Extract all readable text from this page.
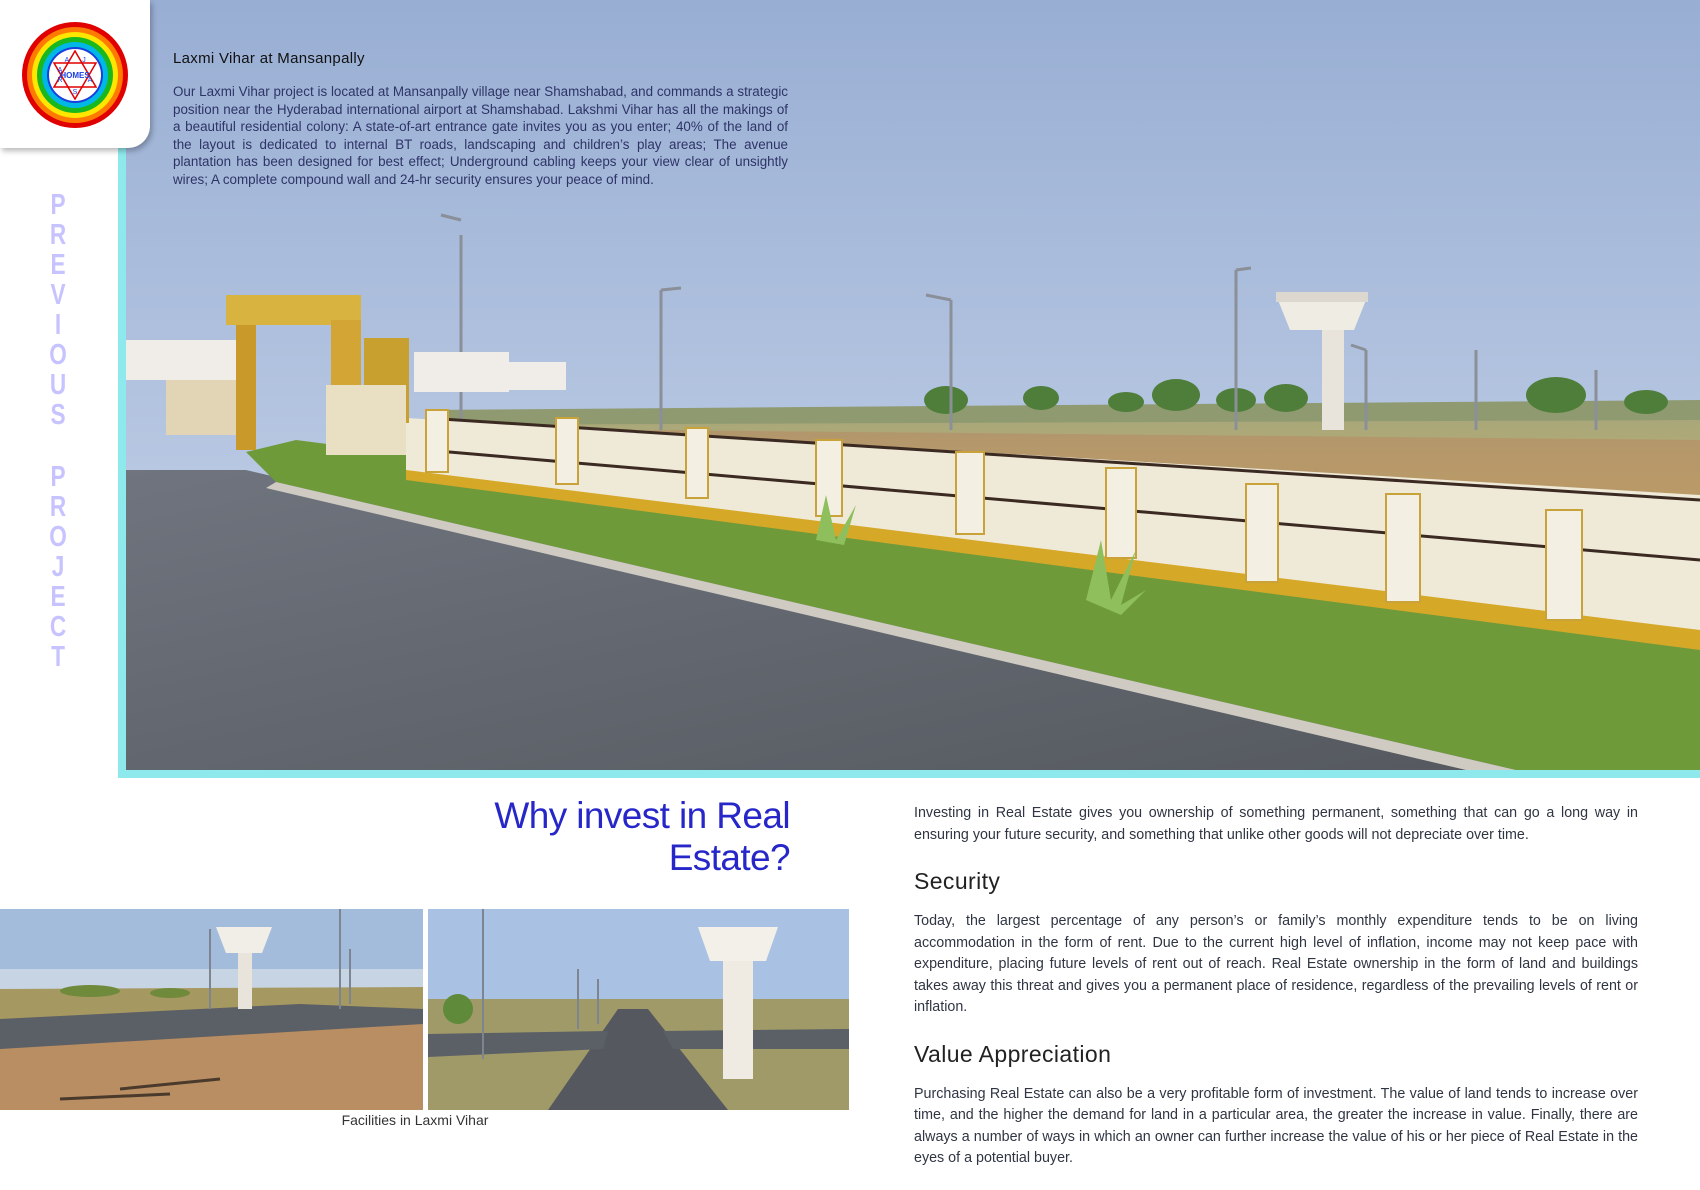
HOMES
A J
A
S
R
A
P
R
E
V
I
O
U
S
P
R
O
J
E
C
T
Laxmi Vihar at Mansanpally

Our Laxmi Vihar project is located at Mansanpally village near Shamshabad, and commands a strategic position near the Hyderabad international airport at Shamshabad. Lakshmi Vihar has all the makings of a beautiful residential colony: A state-of-art entrance gate invites you as you enter; 40% of the land of the layout is dedicated to internal BT roads, landscaping and children’s play areas; The avenue plantation has been designed for best effect; Underground cabling keeps your view clear of unsightly wires; A complete compound wall and 24-hr security ensures your peace of mind.

Why invest in Real Estate?
Facilities in Laxmi Vihar

Investing in Real Estate gives you ownership of something permanent, something that can go a long way in ensuring your future security, and something that unlike other goods will not depreciate over time.

Security

Today, the largest percentage of any person’s or family’s monthly expenditure tends to be on living accommodation in the form of rent. Due to the current high level of inflation, income may not keep pace with expenditure, placing future levels of rent out of reach. Real Estate ownership in the form of land and buildings takes away this threat and gives you a permanent place of residence, regardless of the prevailing levels of rent or inflation.

Value Appreciation

Purchasing Real Estate can also be a very profitable form of investment. The value of land tends to increase over time, and the higher the demand for land in a particular area, the greater the increase in value. Finally, there are always a number of ways in which an owner can further increase the value of his or her piece of Real Estate in the eyes of a potential buyer.
